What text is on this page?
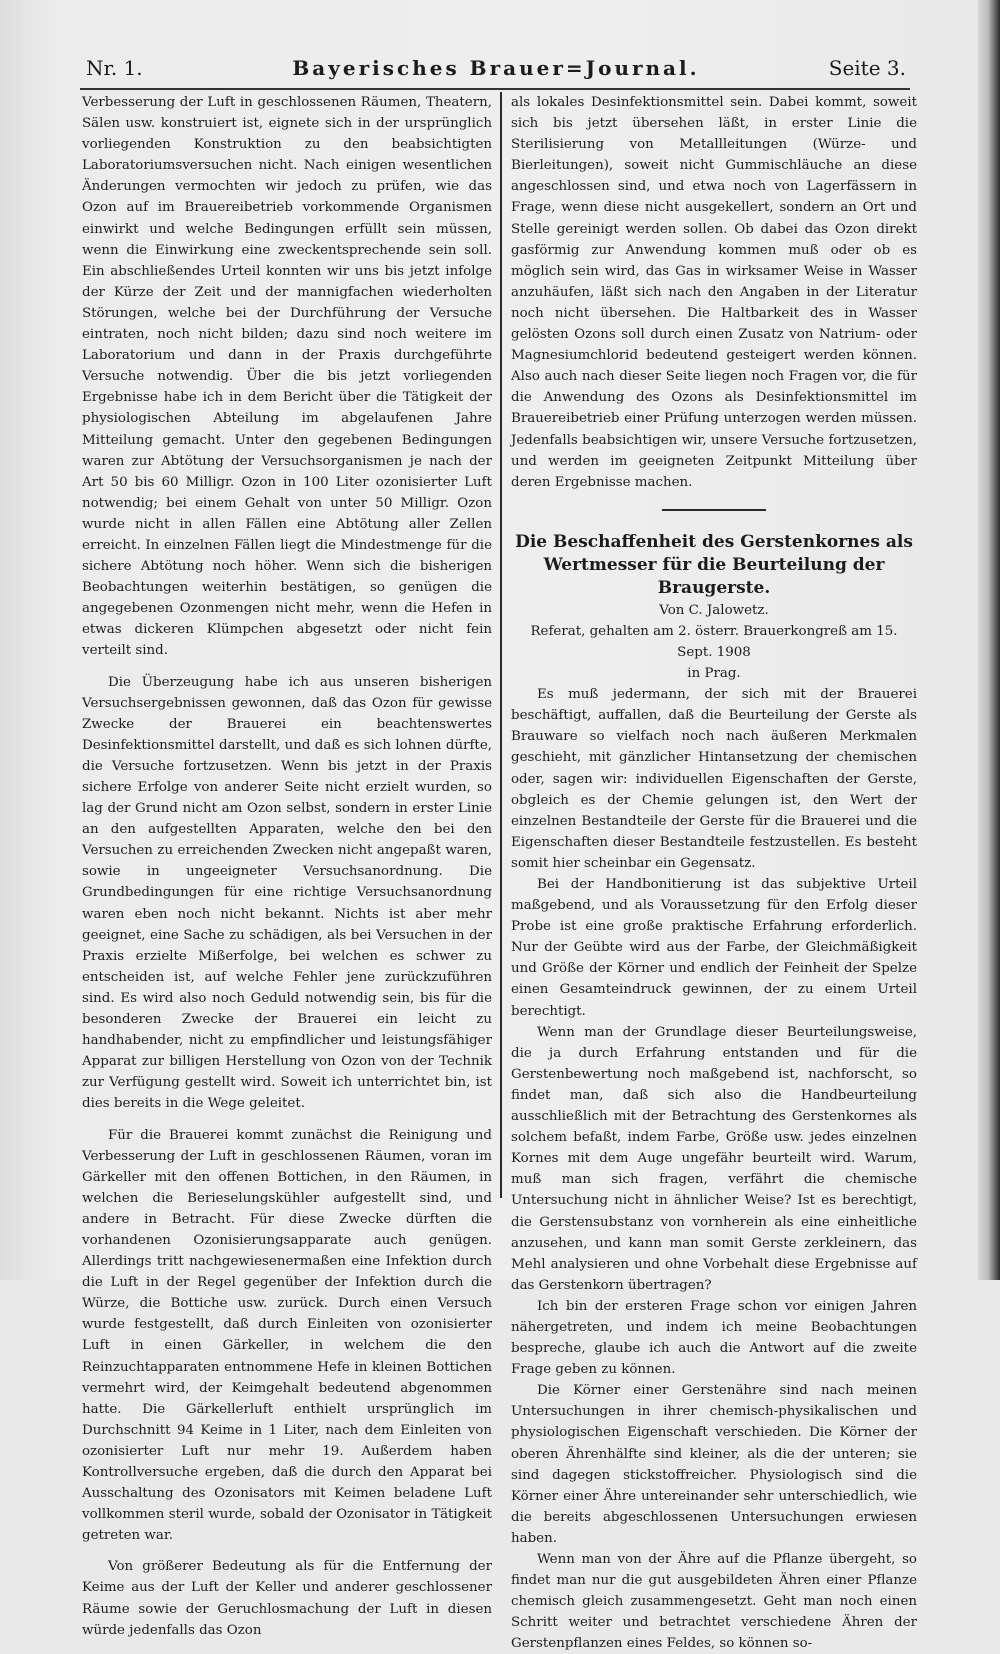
Nr. 1.	Bayerisches Brauer=Journal.	Seite 3.

Verbesserung der Luft in geschlossenen Räumen, Theatern, Sälen usw. konstruiert ist, eignete sich in der ursprünglich vorliegenden Konstruktion zu den beabsichtigten Laboratoriumsversuchen nicht. Nach einigen wesentlichen Änderungen vermochten wir jedoch zu prüfen, wie das Ozon auf im Brauereibetrieb vorkommende Organismen einwirkt und welche Bedingungen erfüllt sein müssen, wenn die Einwirkung eine zweckentsprechende sein soll. Ein abschließendes Urteil konnten wir uns bis jetzt infolge der Kürze der Zeit und der mannigfachen wiederholten Störungen, welche bei der Durchführung der Versuche eintraten, noch nicht bilden; dazu sind noch weitere im Laboratorium und dann in der Praxis durchgeführte Versuche notwendig. Über die bis jetzt vorliegenden Ergebnisse habe ich in dem Bericht über die Tätigkeit der physiologischen Abteilung im abgelaufenen Jahre Mitteilung gemacht. Unter den gegebenen Bedingungen waren zur Abtötung der Versuchsorganismen je nach der Art 50 bis 60 Milligr. Ozon in 100 Liter ozonisierter Luft notwendig; bei einem Gehalt von unter 50 Milligr. Ozon wurde nicht in allen Fällen eine Abtötung aller Zellen erreicht. In einzelnen Fällen liegt die Mindestmenge für die sichere Abtötung noch höher. Wenn sich die bisherigen Beobachtungen weiterhin bestätigen, so genügen die angegebenen Ozonmengen nicht mehr, wenn die Hefen in etwas dickeren Klümpchen abgesetzt oder nicht fein verteilt sind.

Die Überzeugung habe ich aus unseren bisherigen Versuchsergebnissen gewonnen, daß das Ozon für gewisse Zwecke der Brauerei ein beachtenswertes Desinfektionsmittel darstellt, und daß es sich lohnen dürfte, die Versuche fortzusetzen. Wenn bis jetzt in der Praxis sichere Erfolge von anderer Seite nicht erzielt wurden, so lag der Grund nicht am Ozon selbst, sondern in erster Linie an den aufgestellten Apparaten, welche den bei den Versuchen zu erreichenden Zwecken nicht angepaßt waren, sowie in ungeeigneter Versuchsanordnung. Die Grundbedingungen für eine richtige Versuchsanordnung waren eben noch nicht bekannt. Nichts ist aber mehr geeignet, eine Sache zu schädigen, als bei Versuchen in der Praxis erzielte Mißerfolge, bei welchen es schwer zu entscheiden ist, auf welche Fehler jene zurückzuführen sind. Es wird also noch Geduld notwendig sein, bis für die besonderen Zwecke der Brauerei ein leicht zu handhabender, nicht zu empfindlicher und leistungsfähiger Apparat zur billigen Herstellung von Ozon von der Technik zur Verfügung gestellt wird. Soweit ich unterrichtet bin, ist dies bereits in die Wege geleitet.

Für die Brauerei kommt zunächst die Reinigung und Verbesserung der Luft in geschlossenen Räumen, voran im Gärkeller mit den offenen Bottichen, in den Räumen, in welchen die Berieselungskühler aufgestellt sind, und andere in Betracht. Für diese Zwecke dürften die vorhandenen Ozonisierungsapparate auch genügen. Allerdings tritt nachgewiesenermaßen eine Infektion durch die Luft in der Regel gegenüber der Infektion durch die Würze, die Bottiche usw. zurück. Durch einen Versuch wurde festgestellt, daß durch Einleiten von ozonisierter Luft in einen Gärkeller, in welchem die den Reinzuchtapparaten entnommene Hefe in kleinen Bottichen vermehrt wird, der Keimgehalt bedeutend abgenommen hatte. Die Gärkellerluft enthielt ursprünglich im Durchschnitt 94 Keime in 1 Liter, nach dem Einleiten von ozonisierter Luft nur mehr 19. Außerdem haben Kontrollversuche ergeben, daß die durch den Apparat bei Ausschaltung des Ozonisators mit Keimen beladene Luft vollkommen steril wurde, sobald der Ozonisator in Tätigkeit getreten war.

Von größerer Bedeutung als für die Entfernung der Keime aus der Luft der Keller und anderer geschlossener Räume sowie der Geruchlosmachung der Luft in diesen würde jedenfalls das Ozon

als lokales Desinfektionsmittel sein. Dabei kommt, soweit sich bis jetzt übersehen läßt, in erster Linie die Sterilisierung von Metallleitungen (Würze- und Bierleitungen), soweit nicht Gummischläuche an diese angeschlossen sind, und etwa noch von Lagerfässern in Frage, wenn diese nicht ausgekellert, sondern an Ort und Stelle gereinigt werden sollen. Ob dabei das Ozon direkt gasförmig zur Anwendung kommen muß oder ob es möglich sein wird, das Gas in wirksamer Weise in Wasser anzuhäufen, läßt sich nach den Angaben in der Literatur noch nicht übersehen. Die Haltbarkeit des in Wasser gelösten Ozons soll durch einen Zusatz von Natrium- oder Magnesiumchlorid bedeutend gesteigert werden können. Also auch nach dieser Seite liegen noch Fragen vor, die für die Anwendung des Ozons als Desinfektionsmittel im Brauereibetrieb einer Prüfung unterzogen werden müssen. Jedenfalls beabsichtigen wir, unsere Versuche fortzusetzen, und werden im geeigneten Zeitpunkt Mitteilung über deren Ergebnisse machen.

Die Beschaffenheit des Gerstenkornes als Wertmesser für die Beurteilung der Braugerste.

Von C. Jalowetz.

Referat, gehalten am 2. österr. Brauerkongreß am 15. Sept. 1908

in Prag.

Es muß jedermann, der sich mit der Brauerei beschäftigt, auffallen, daß die Beurteilung der Gerste als Brauware so vielfach noch nach äußeren Merkmalen geschieht, mit gänzlicher Hintansetzung der chemischen oder, sagen wir: individuellen Eigenschaften der Gerste, obgleich es der Chemie gelungen ist, den Wert der einzelnen Bestandteile der Gerste für die Brauerei und die Eigenschaften dieser Bestandteile festzustellen. Es besteht somit hier scheinbar ein Gegensatz.

Bei der Handbonitierung ist das subjektive Urteil maßgebend, und als Voraussetzung für den Erfolg dieser Probe ist eine große praktische Erfahrung erforderlich. Nur der Geübte wird aus der Farbe, der Gleichmäßigkeit und Größe der Körner und endlich der Feinheit der Spelze einen Gesamteindruck gewinnen, der zu einem Urteil berechtigt.

Wenn man der Grundlage dieser Beurteilungsweise, die ja durch Erfahrung entstanden und für die Gerstenbewertung noch maßgebend ist, nachforscht, so findet man, daß sich also die Handbeurteilung ausschließlich mit der Betrachtung des Gerstenkornes als solchem befaßt, indem Farbe, Größe usw. jedes einzelnen Kornes mit dem Auge ungefähr beurteilt wird. Warum, muß man sich fragen, verfährt die chemische Untersuchung nicht in ähnlicher Weise? Ist es berechtigt, die Gerstensubstanz von vornherein als eine einheitliche anzusehen, und kann man somit Gerste zerkleinern, das Mehl analysieren und ohne Vorbehalt diese Ergebnisse auf das Gerstenkorn übertragen?

Ich bin der ersteren Frage schon vor einigen Jahren nähergetreten, und indem ich meine Beobachtungen bespreche, glaube ich auch die Antwort auf die zweite Frage geben zu können.

Die Körner einer Gerstenähre sind nach meinen Untersuchungen in ihrer chemisch-physikalischen und physiologischen Eigenschaft verschieden. Die Körner der oberen Ährenhälfte sind kleiner, als die der unteren; sie sind dagegen stickstoffreicher. Physiologisch sind die Körner einer Ähre untereinander sehr unterschiedlich, wie die bereits abgeschlossenen Untersuchungen erwiesen haben.

Wenn man von der Ähre auf die Pflanze übergeht, so findet man nur die gut ausgebildeten Ähren einer Pflanze chemisch gleich zusammengesetzt. Geht man noch einen Schritt weiter und betrachtet verschiedene Ähren der Gerstenpflanzen eines Feldes, so können so-
